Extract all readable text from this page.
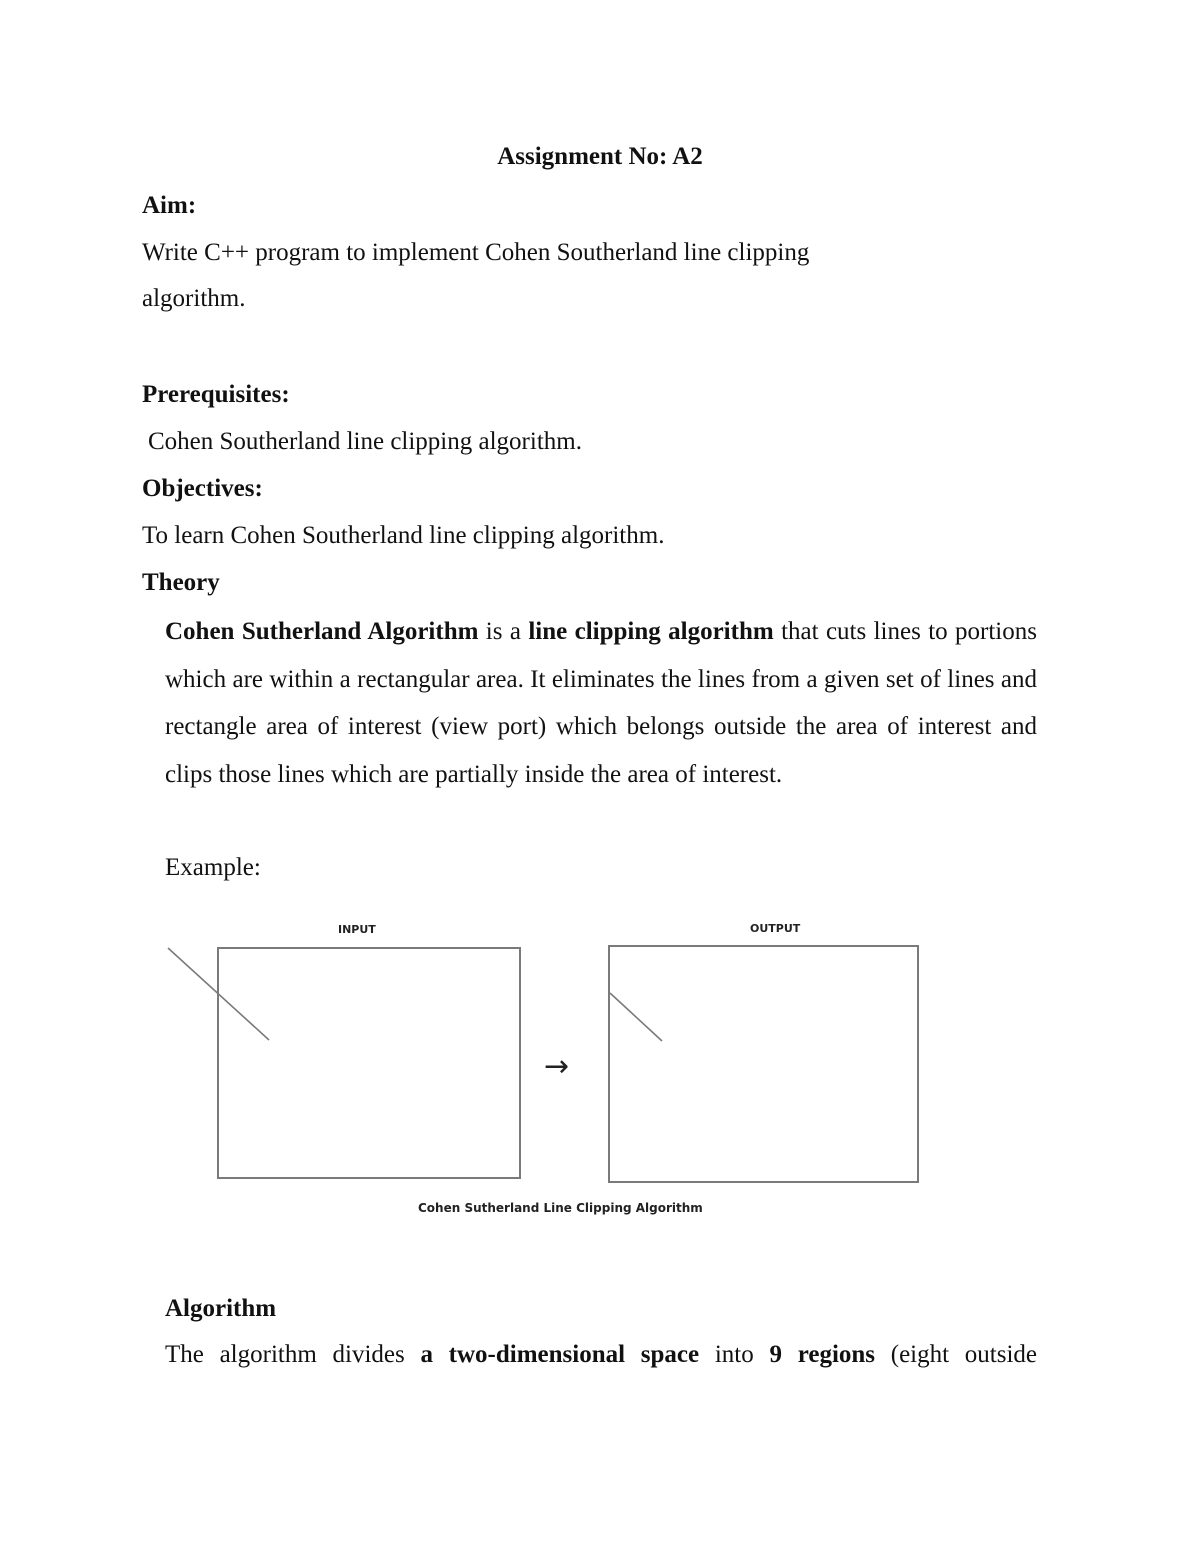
Assignment No: A2
Aim:
Write C++ program to implement Cohen Southerland line clipping
algorithm.
Prerequisites:
Cohen Southerland line clipping algorithm.
Objectives:
To learn Cohen Southerland line clipping algorithm.
Theory
Cohen Sutherland Algorithm is a line clipping algorithm that cuts lines to portions which are within a rectangular area. It eliminates the lines from a given set of lines and rectangle area of interest (view port) which belongs outside the area of interest and clips those lines which are partially inside the area of interest.
Example:
INPUT	OUTPUT
→
Cohen Sutherland Line Clipping Algorithm
Algorithm
The algorithm divides a two-dimensional space into 9 regions (eight outside
